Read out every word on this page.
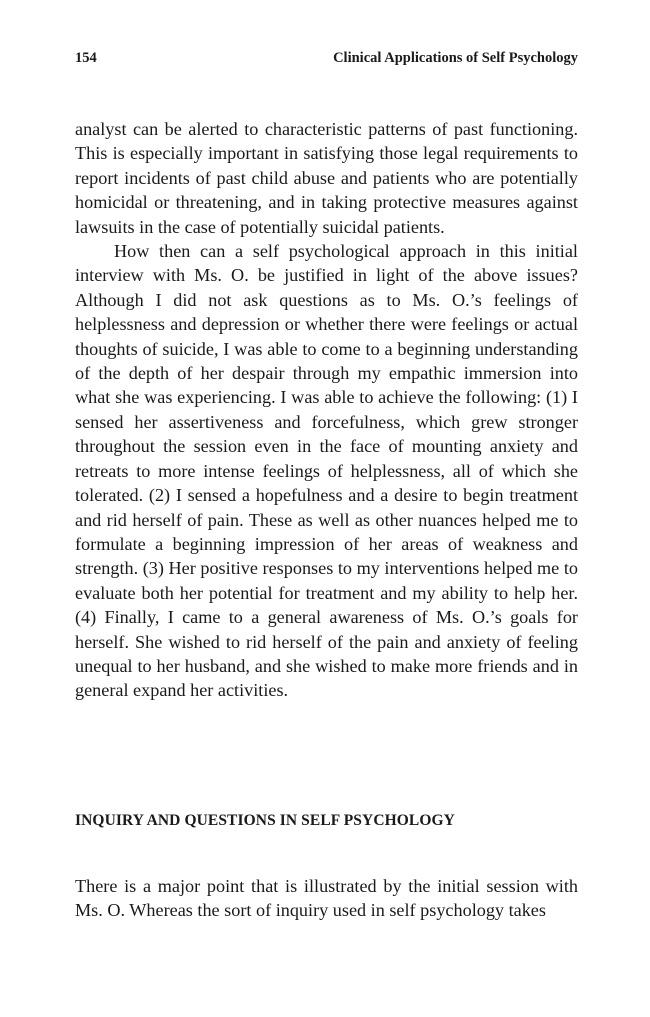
154	Clinical Applications of Self Psychology

analyst can be alerted to characteristic patterns of past functioning. This is especially important in satisfying those legal requirements to report incidents of past child abuse and patients who are potentially homicidal or threatening, and in taking protective measures against lawsuits in the case of potentially suicidal patients.

How then can a self psychological approach in this initial interview with Ms. O. be justified in light of the above issues? Although I did not ask questions as to Ms. O.’s feelings of helplessness and depression or whether there were feelings or actual thoughts of suicide, I was able to come to a beginning understanding of the depth of her despair through my empathic immersion into what she was experiencing. I was able to achieve the following: (1) I sensed her assertiveness and forcefulness, which grew stronger throughout the session even in the face of mounting anxiety and retreats to more intense feelings of helplessness, all of which she tolerated. (2) I sensed a hopefulness and a desire to begin treatment and rid herself of pain. These as well as other nuances helped me to formulate a beginning impression of her areas of weakness and strength. (3) Her positive responses to my interventions helped me to evaluate both her potential for treatment and my ability to help her. (4) Finally, I came to a general awareness of Ms. O.’s goals for herself. She wished to rid herself of the pain and anxiety of feeling unequal to her husband, and she wished to make more friends and in general expand her activities.

INQUIRY AND QUESTIONS IN SELF PSYCHOLOGY

There is a major point that is illustrated by the initial session with Ms. O. Whereas the sort of inquiry used in self psychology takes
